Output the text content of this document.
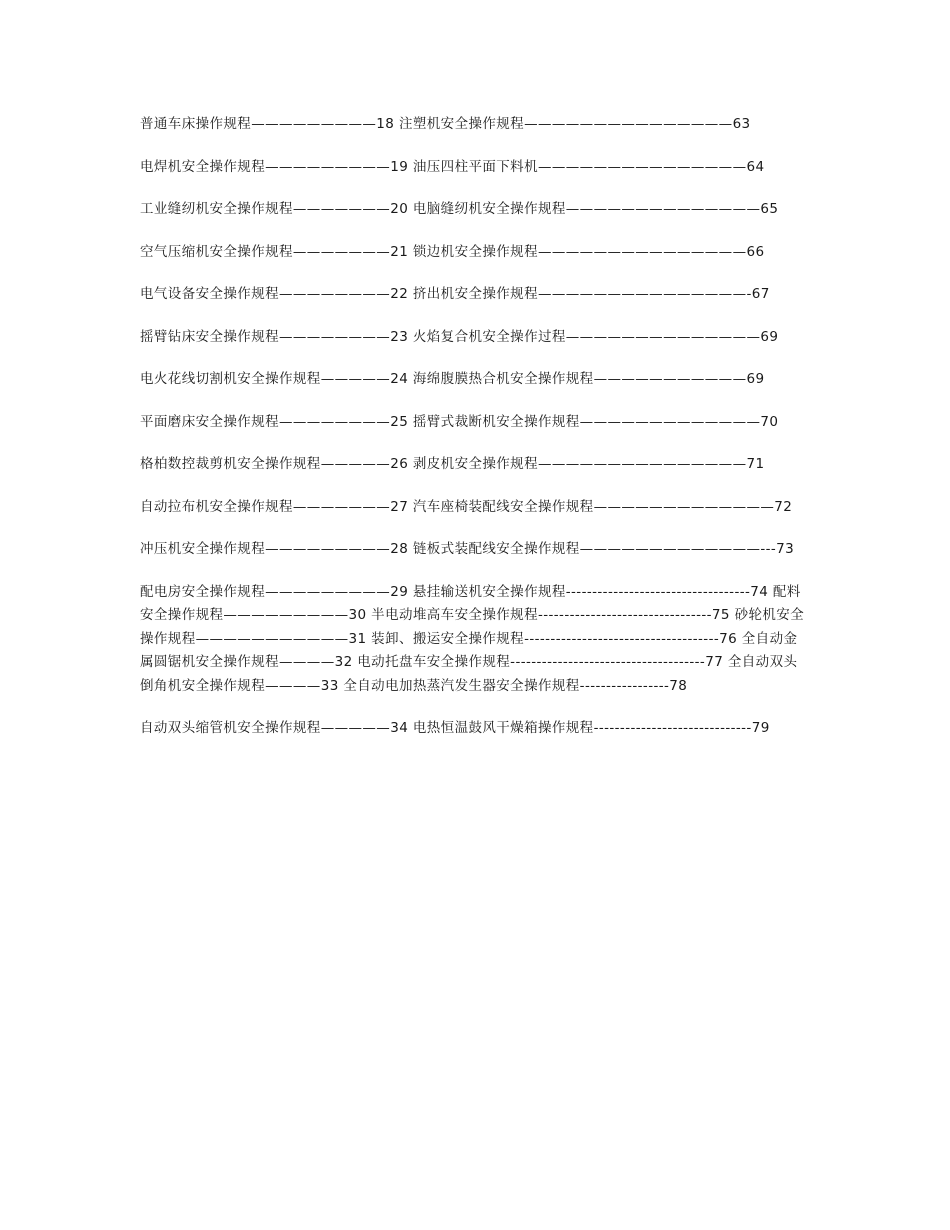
普通车床操作规程—————————18 注塑机安全操作规程———————————————63

电焊机安全操作规程—————————19 油压四柱平面下料机———————————————64

工业缝纫机安全操作规程———————20 电脑缝纫机安全操作规程——————————————65

空气压缩机安全操作规程———————21 锁边机安全操作规程———————————————66

电气设备安全操作规程————————22 挤出机安全操作规程———————————————-67

摇臂钻床安全操作规程————————23 火焰复合机安全操作过程——————————————69

电火花线切割机安全操作规程—————24 海绵腹膜热合机安全操作规程———————————69

平面磨床安全操作规程————————25 摇臂式裁断机安全操作规程—————————————70

格柏数控裁剪机安全操作规程—————26 剥皮机安全操作规程———————————————71

自动拉布机安全操作规程———————27 汽车座椅装配线安全操作规程—————————————72

冲压机安全操作规程—————————28 链板式装配线安全操作规程—————————————---73

配电房安全操作规程—————————29 悬挂输送机安全操作规程-----------------------------------74 配料安全操作规程—————————30 半电动堆高车安全操作规程---------------------------------75 砂轮机安全操作规程———————————31 装卸、搬运安全操作规程-------------------------------------76 全自动金属圆锯机安全操作规程————32 电动托盘车安全操作规程-------------------------------------77 全自动双头倒角机安全操作规程————33 全自动电加热蒸汽发生器安全操作规程-----------------78

自动双头缩管机安全操作规程—————34 电热恒温鼓风干燥箱操作规程------------------------------79
